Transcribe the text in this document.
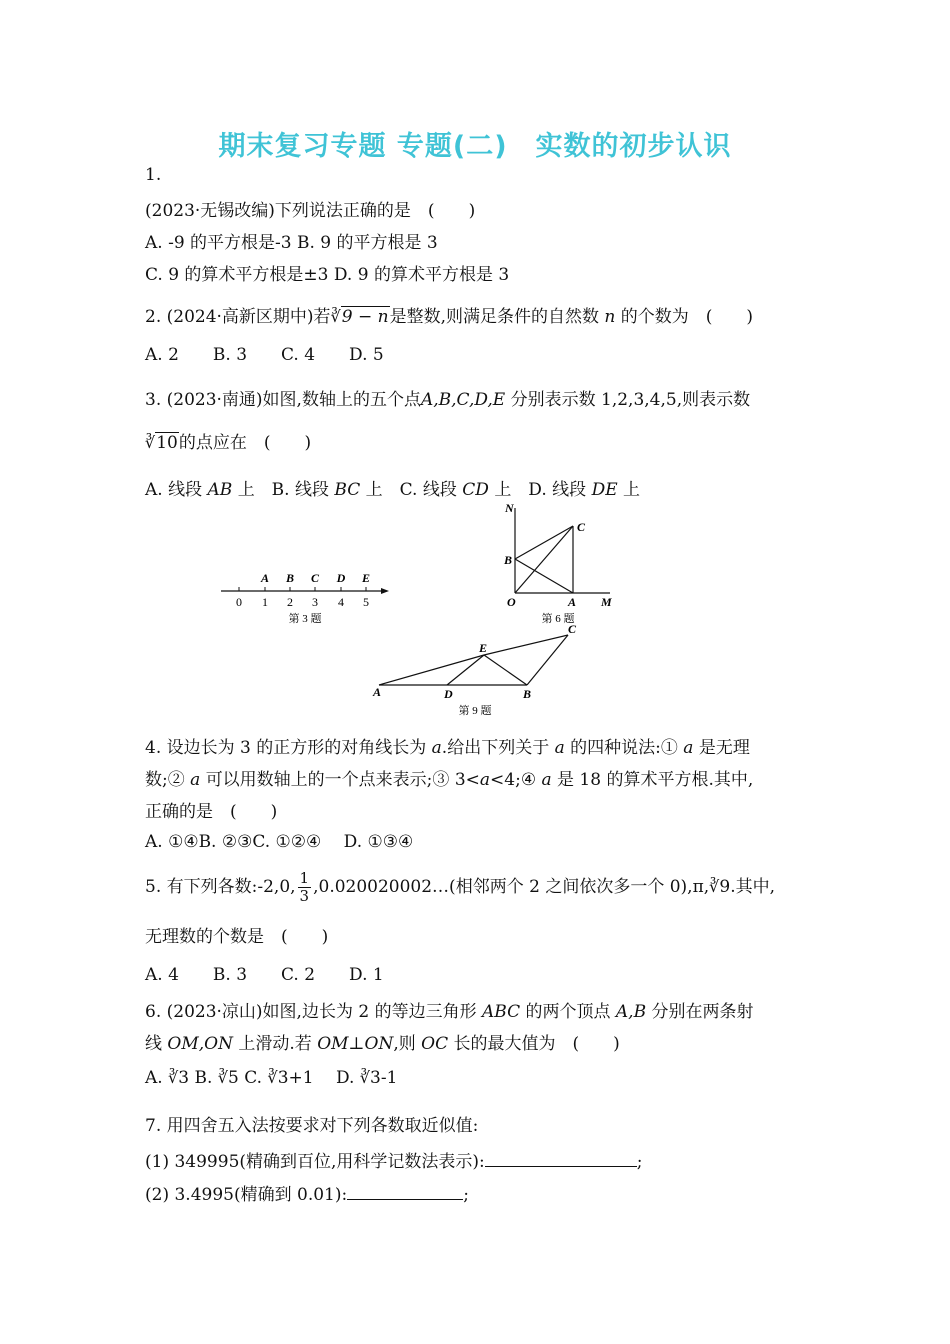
期末复习专题 专题(二)　实数的初步认识
1.
(2023·无锡改编)下列说法正确的是　(　　)
A. -9 的平方根是-3 B. 9 的平方根是 3
C. 9 的算术平方根是±3 D. 9 的算术平方根是 3
2. (2024·高新区期中)若∛9 − n是整数,则满足条件的自然数 n 的个数为　(　　)
A. 2　　B. 3　　C. 4　　D. 5
3. (2023·南通)如图,数轴上的五个点A,B,C,D,E 分别表示数 1,2,3,4,5,则表示数
∛10的点应在　(　　)
A. 线段 AB 上　B. 线段 BC 上　C. 线段 CD 上　D. 线段 DE 上
A B C D E
0 1 2 3 4 5
第 3 题
N
C
B
O	A M
第 6 题
A	D
E
B
C
第 9 题
4. 设边长为 3 的正方形的对角线长为 a.给出下列关于 a 的四种说法:① a 是无理
数;② a 可以用数轴上的一个点来表示;③ 3<a<4;④ a 是 18 的算术平方根.其中,
正确的是　(　　)
A. ①④B. ②③C. ①②④　 D. ①③④
5. 有下列各数:-2,0, $\frac{1}{3}$ ,0.020020002…(相邻两个 2 之间依次多一个 0),π,∛9.其中,
无理数的个数是　(　　)
A. 4　　B. 3　　C. 2　　D. 1
6. (2023·凉山)如图,边长为 2 的等边三角形 ABC 的两个顶点 A,B 分别在两条射
线 OM,ON 上滑动.若 OM⊥ON,则 OC 长的最大值为　(　　)
A. ∛3 B. ∛5 C. ∛3+1　 D. ∛3-1
7. 用四舍五入法按要求对下列各数取近似值:
(1) 349995(精确到百位,用科学记数法表示):	;
(2) 3.4995(精确到 0.01):	;
